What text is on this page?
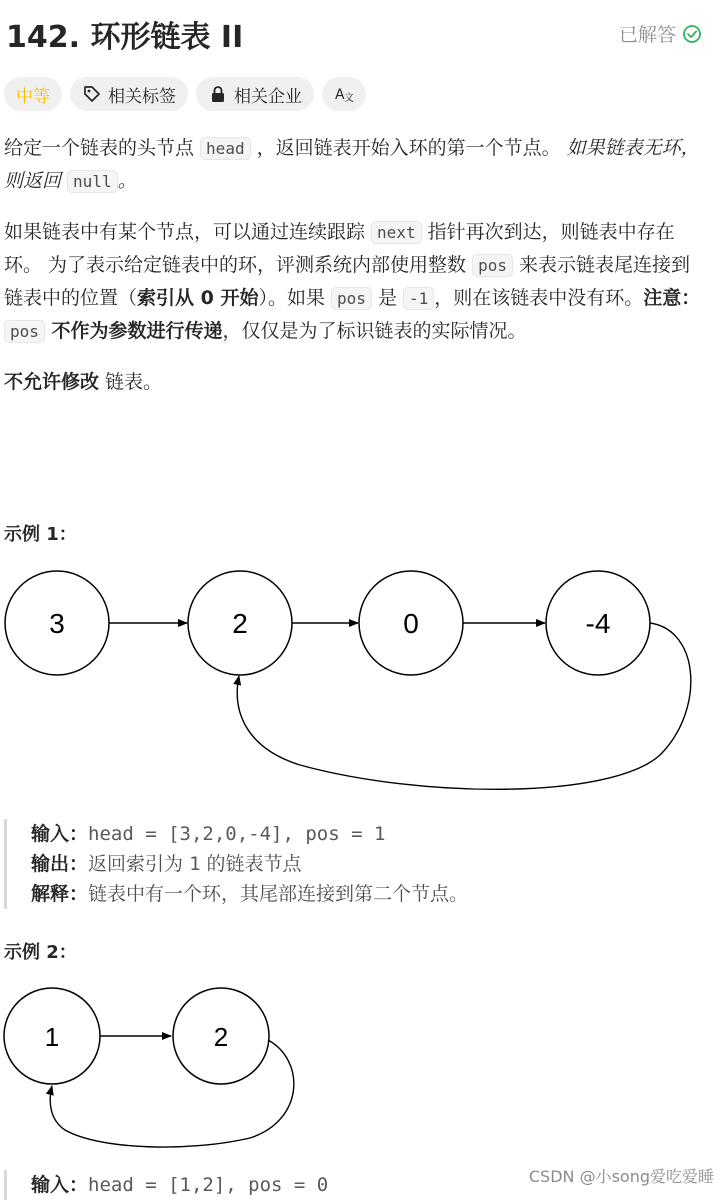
142. 环形链表 II	已解答
中等	相关标签	相关企业 A 文

给定一个链表的头节点 head ，返回链表开始入环的第一个节点。 如果链表无环，则返回 null 。

如果链表中有某个节点，可以通过连续跟踪 next 指针再次到达，则链表中存在环。 为了表示给定链表中的环，评测系统内部使用整数 pos 来表示链表尾连接到链表中的位置（索引从 0 开始）。如果 pos 是 -1 ，则在该链表中没有环。注意： pos 不作为参数进行传递，仅仅是为了标识链表的实际情况。

不允许修改 链表。

示例 1：
3	2	0	-4
输入：head = [3,2,0,-4], pos = 1
输出：返回索引为 1 的链表节点
解释：链表中有一个环，其尾部连接到第二个节点。
示例 2：
1	2
输入：head = [1,2], pos = 0	CSDN @小song爱吃爱睡
